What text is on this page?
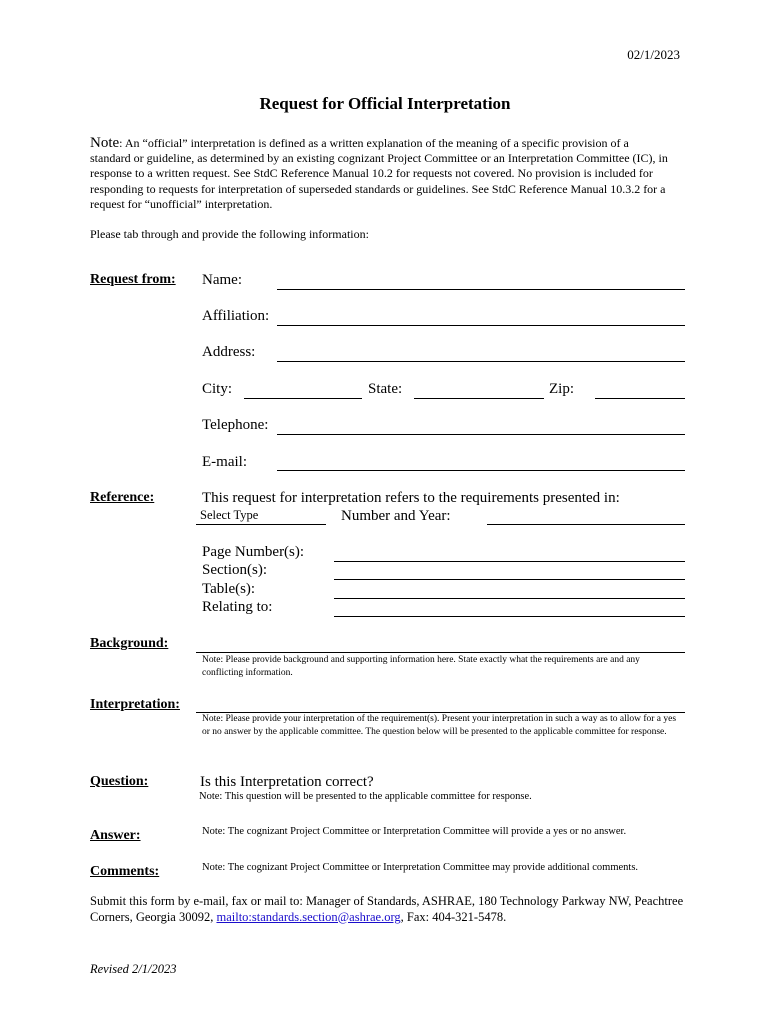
02/1/2023
Request for Official Interpretation
Note: An “official” interpretation is defined as a written explanation of the meaning of a specific provision of a standard or guideline, as determined by an existing cognizant Project Committee or an Interpretation Committee (IC), in response to a written request. See StdC Reference Manual 10.2 for requests not covered. No provision is included for responding to requests for interpretation of superseded standards or guidelines. See StdC Reference Manual 10.3.2 for a request for “unofficial” interpretation.
Please tab through and provide the following information:
Request from: Name:
Affiliation:
Address:
City:	State:	Zip:
Telephone:
E-mail:
Reference:	This request for interpretation refers to the requirements presented in:
Select Type	Number and Year:
Page Number(s):
Section(s):
Table(s):
Relating to:
Background:
Note: Please provide background and supporting information here. State exactly what the requirements are and any conflicting information.
Interpretation:
Note: Please provide your interpretation of the requirement(s). Present your interpretation in such a way as to allow for a yes or no answer by the applicable committee. The question below will be presented to the applicable committee for response.
Question:	Is this Interpretation correct?
Note: This question will be presented to the applicable committee for response.
Answer:	Note: The cognizant Project Committee or Interpretation Committee will provide a yes or no answer.
Comments:	Note: The cognizant Project Committee or Interpretation Committee may provide additional comments.
Submit this form by e-mail, fax or mail to: Manager of Standards, ASHRAE, 180 Technology Parkway NW, Peachtree Corners, Georgia 30092, mailto:standards.section@ashrae.org, Fax: 404-321-5478.
Revised 2/1/2023
